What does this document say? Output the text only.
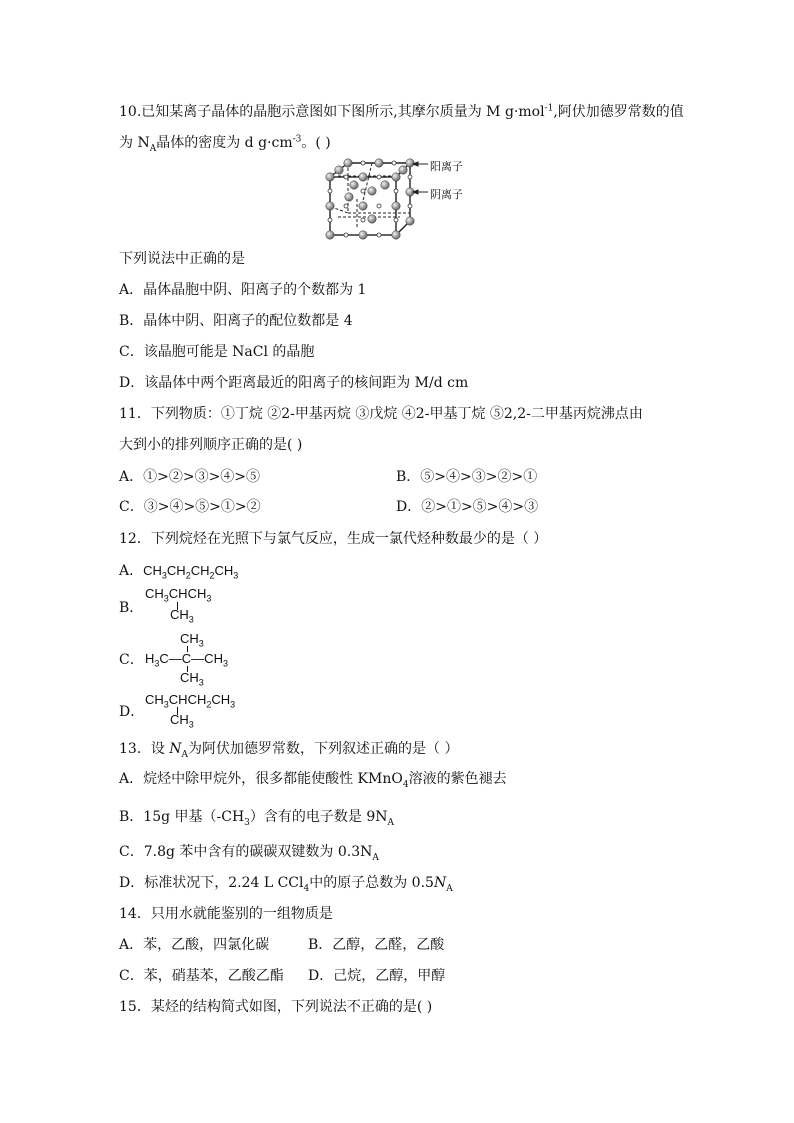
10.已知某离子晶体的晶胞示意图如下图所示,其摩尔质量为 M g·mol$^{-1}$,阿伏加德罗常数的值
为 $N_A$晶体的密度为 d $g\cdot cm^{-3}$。( )
阳离子
阴离子
下列说法中正确的是
A．晶体晶胞中阴、阳离子的个数都为 1
B．晶体中阴、阳离子的配位数都是 4
C．该晶胞可能是 NaCl 的晶胞
D．该晶体中两个距离最近的阳离子的核间距为 M/d cm
11．下列物质：①丁烷 ②2-甲基丙烷 ③戊烷 ④2-甲基丁烷 ⑤2,2-二甲基丙烷沸点由
大到小的排列顺序正确的是( )
A．①>②>③>④>⑤	B．⑤>④>③>②>①
C．③>④>⑤>①>②	D．②>①>⑤>④>③
12．下列烷烃在光照下与氯气反应，生成一氯代烃种数最少的是（ ）
A．$CH_3CH_2CH_2CH_3$
B．
$CH_3CHCH_3$
$CH_3$
C．
$CH_3$
$H_3C—C—CH_3$
$CH_3$
D．
$CH_3CHCH_2CH_3$
$CH_3$
13．设 $N_A$为阿伏加德罗常数，下列叙述正确的是（ ）
A．烷烃中除甲烷外，很多都能使酸性 KMnO$_4$溶液的紫色褪去
B．15g 甲基$(-CH_3)$含有的电子数是 $9N_A$
C．7.8g 苯中含有的碳碳双键数为 $0.3N_A$
D．标准状况下，2.24 L CCl$_4$中的原子总数为 $0.5N_A$
14．只用水就能鉴别的一组物质是
A．苯，乙酸，四氯化碳	B．乙醇，乙醛，乙酸
C．苯，硝基苯，乙酸乙酯 D．己烷，乙醇，甲醇
15．某烃的结构简式如图，下列说法不正确的是( )
